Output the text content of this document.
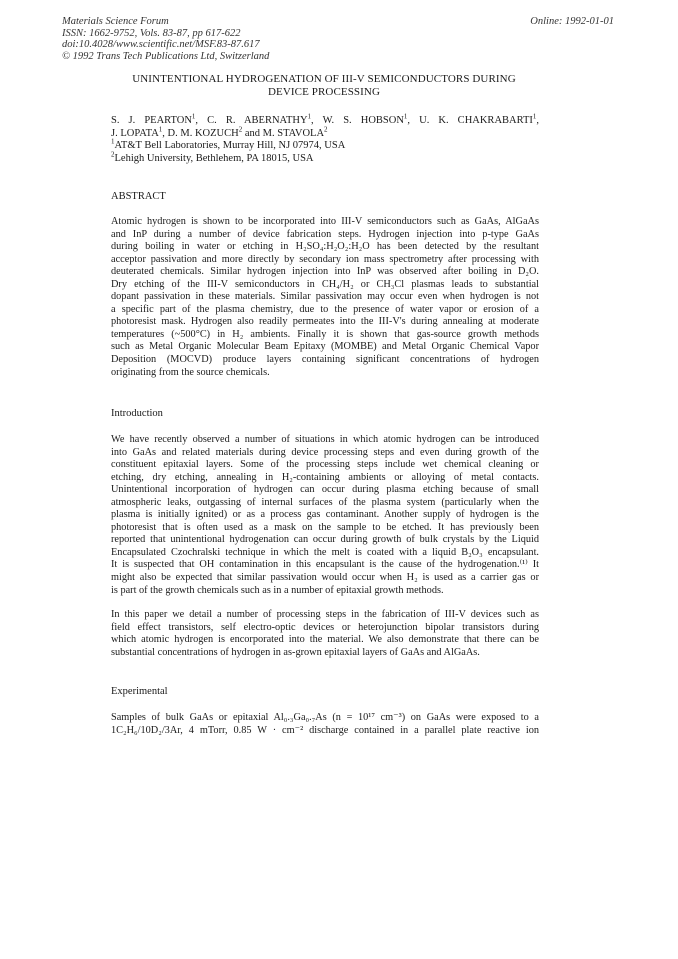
Materials Science Forum
ISSN: 1662-9752, Vols. 83-87, pp 617-622
doi:10.4028/www.scientific.net/MSF.83-87.617
© 1992 Trans Tech Publications Ltd, Switzerland
Online: 1992-01-01
UNINTENTIONAL HYDROGENATION OF III-V SEMICONDUCTORS DURING
DEVICE PROCESSING
S. J. PEARTON$^1$, C. R. ABERNATHY$^1$, W. S. HOBSON$^1$, U. K. CHAKRABARTI$^1$,
J. LOPATA$^1$, D. M. KOZUCH$^2$ and M. STAVOLA$^2$
$^1$AT&T Bell Laboratories, Murray Hill, NJ 07974, USA
$^2$Lehigh University, Bethlehem, PA 18015, USA
ABSTRACT
Atomic hydrogen is shown to be incorporated into III-V semiconductors such as GaAs, AlGaAs
and InP during a number of device fabrication steps. Hydrogen injection into p-type GaAs
during boiling in water or etching in H₂SO₄:H₂O₂:H₂O has been detected by the resultant
acceptor passivation and more directly by secondary ion mass spectrometry after processing with
deuterated chemicals. Similar hydrogen injection into InP was observed after boiling in D₂O.
Dry etching of the III-V semiconductors in CH₄/H₂ or CH₃Cl plasmas leads to substantial
dopant passivation in these materials. Similar passivation may occur even when hydrogen is not
a specific part of the plasma chemistry, due to the presence of water vapor or erosion of a
photoresist mask. Hydrogen also readily permeates into the III-V's during annealing at moderate
temperatures (~500°C) in H₂ ambients. Finally it is shown that gas-source growth methods
such as Metal Organic Molecular Beam Epitaxy (MOMBE) and Metal Organic Chemical Vapor
Deposition (MOCVD) produce layers containing significant concentrations of hydrogen
originating from the source chemicals.
Introduction
We have recently observed a number of situations in which atomic hydrogen can be introduced
into GaAs and related materials during device processing steps and even during growth of the
constituent epitaxial layers. Some of the processing steps include wet chemical cleaning or
etching, dry etching, annealing in H₂-containing ambients or alloying of metal contacts.
Unintentional incorporation of hydrogen can occur during plasma etching because of small
atmospheric leaks, outgassing of internal surfaces of the plasma system (particularly when the
plasma is initially ignited) or as a process gas contaminant. Another supply of hydrogen is the
photoresist that is often used as a mask on the sample to be etched. It has previously been
reported that unintentional hydrogenation can occur during growth of bulk crystals by the Liquid
Encapsulated Czochralski technique in which the melt is coated with a liquid B₂O₃ encapsulant.
It is suspected that OH contamination in this encapsulant is the cause of the hydrogenation.⁽¹⁾ It
might also be expected that similar passivation would occur when H₂ is used as a carrier gas or
is part of the growth chemicals such as in a number of epitaxial growth methods.
In this paper we detail a number of processing steps in the fabrication of III-V devices such as
field effect transistors, self electro-optic devices or heterojunction bipolar transistors during
which atomic hydrogen is encorporated into the material. We also demonstrate that there can be
substantial concentrations of hydrogen in as-grown epitaxial layers of GaAs and AlGaAs.
Experimental
Samples of bulk GaAs or epitaxial Al₀.₃Ga₀.₇As (n = 10¹⁷ cm⁻³) on GaAs were exposed to a
1C₂H₆/10D₂/3Ar, 4 mTorr, 0.85 W · cm⁻² discharge contained in a parallel plate reactive ion
